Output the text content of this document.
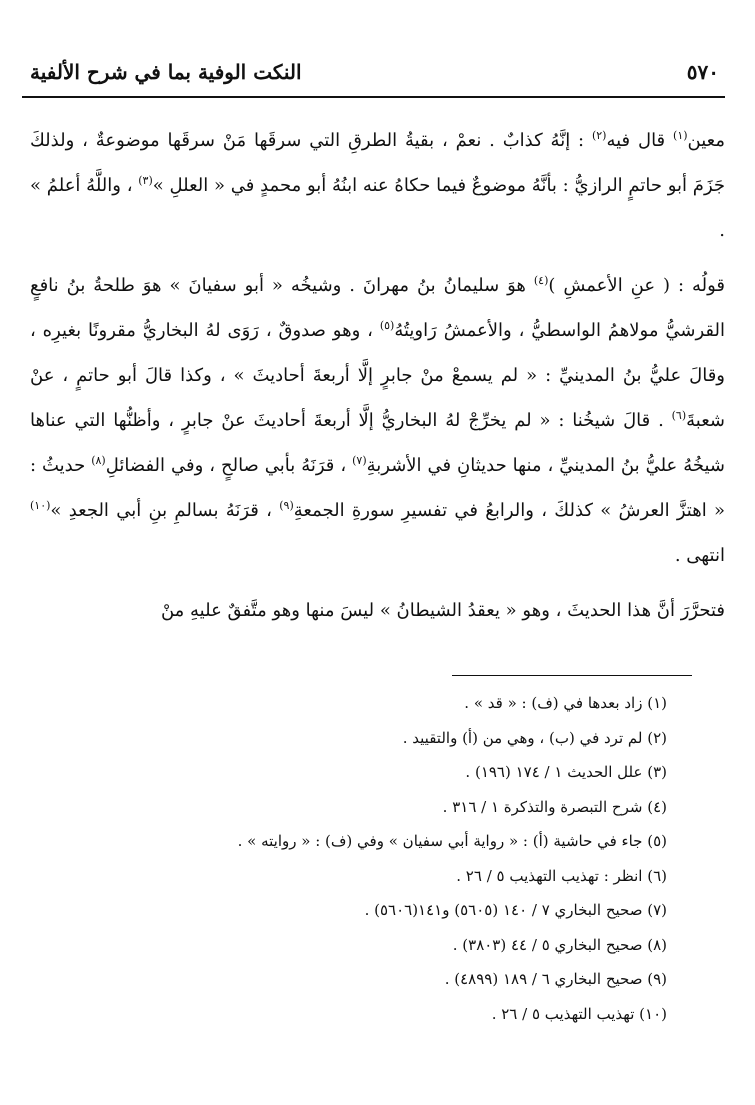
النكت الوفية بما في شرح الألفية	٥٧٠

معين$^{(١)}$ قال فيه$^{(٢)}$ : إنَّهُ كذابٌ . نعمْ ، بقيةُ الطرقِ التي سرقَها مَنْ سرقَها موضوعةٌ ، ولذلكَ جَزَمَ أبو حاتمٍ الرازيُّ : بأنَّهُ موضوعٌ فيما حكاهُ عنه ابنُهُ أبو محمدٍ في « العللِ »$^{(٣)}$ ، واللَّهُ أعلمُ » .

قولُه : ( عنِ الأعمشِ )$^{(٤)}$ هوَ سليمانُ بنُ مهرانَ . وشيخُه « أبو سفيانَ » هوَ طلحةُ بنُ نافعٍ القرشيُّ مولاهمُ الواسطيُّ ، والأعمشُ رَاويتُهُ$^{(٥)}$ ، وهو صدوقٌ ، رَوَى لهُ البخاريُّ مقرونًا بغيرِه ، وقالَ عليُّ بنُ المدينيِّ : « لم يسمعْ منْ جابرٍ إلَّا أربعةَ أحاديثَ » ، وكذا قالَ أبو حاتمٍ ، عنْ شعبةَ$^{(٦)}$ . قالَ شيخُنا : « لم يخرِّجْ لهُ البخاريُّ إلَّا أربعةَ أحاديثَ عنْ جابرٍ ، وأظنُّها التي عناها شيخُهُ عليُّ بنُ المدينيِّ ، منها حديثانِ في الأشربةِ$^{(٧)}$ ، قرَنَهُ بأبي صالحٍ ، وفي الفضائلِ$^{(٨)}$ حديثُ : « اهتزَّ العرشُ » كذلكَ ، والرابعُ في تفسيرِ سورةِ الجمعةِ$^{(٩)}$ ، قرَنَهُ بسالمِ بنِ أبي الجعدِ »$^{(١٠)}$ انتهى .

فتحرَّرَ أنَّ هذا الحديثَ ، وهو « يعقدُ الشيطانُ » ليسَ منها وهو متَّفقٌ عليهِ منْ

(١) زاد بعدها في (ف) : « قد » .
(٢) لم ترد في (ب) ، وهي من (أ) والتقييد .
(٣) علل الحديث ١ / ١٧٤ (١٩٦) .
(٤) شرح التبصرة والتذكرة ١ / ٣١٦ .
(٥) جاء في حاشية (أ) : « رواية أبي سفيان » وفي (ف) : « روايته » .
(٦) انظر : تهذيب التهذيب ٥ / ٢٦ .
(٧) صحيح البخاري ٧ / ١٤٠ (٥٦٠٥) و١٤١(٥٦٠٦) .
(٨) صحيح البخاري ٥ / ٤٤ (٣٨٠٣) .
(٩) صحيح البخاري ٦ / ١٨٩ (٤٨٩٩) .
(١٠) تهذيب التهذيب ٥ / ٢٦ .
